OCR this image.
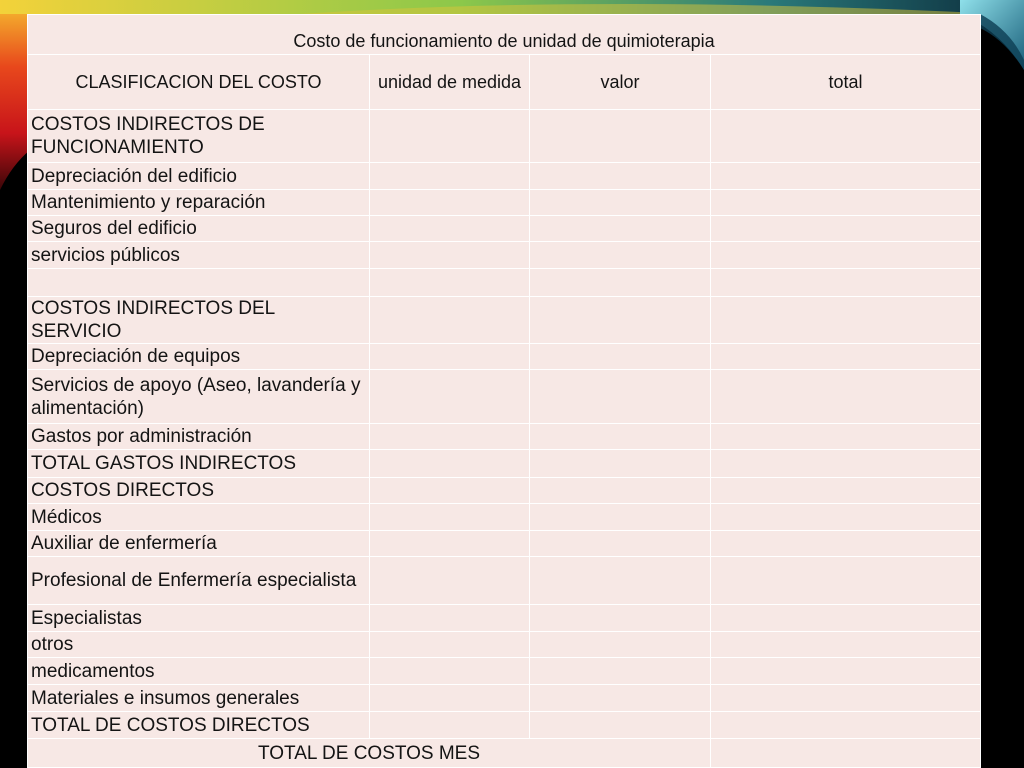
Costo de funcionamiento de unidad de quimioterapia			
CLASIFICACION DEL COSTO	unidad de medida	valor	total
COSTOS INDIRECTOS DE FUNCIONAMIENTO			
Depreciación del edificio			
Mantenimiento y reparación			
Seguros del edificio			
servicios públicos			

COSTOS INDIRECTOS DEL SERVICIO			
Depreciación de equipos			
Servicios de apoyo (Aseo, lavandería y alimentación)			
Gastos por administración			
TOTAL GASTOS INDIRECTOS			
COSTOS DIRECTOS			
Médicos			
Auxiliar de enfermería			
Profesional de Enfermería especialista			
Especialistas			
otros			
medicamentos			
Materiales e insumos generales			
TOTAL DE COSTOS DIRECTOS			
TOTAL DE COSTOS MES			
